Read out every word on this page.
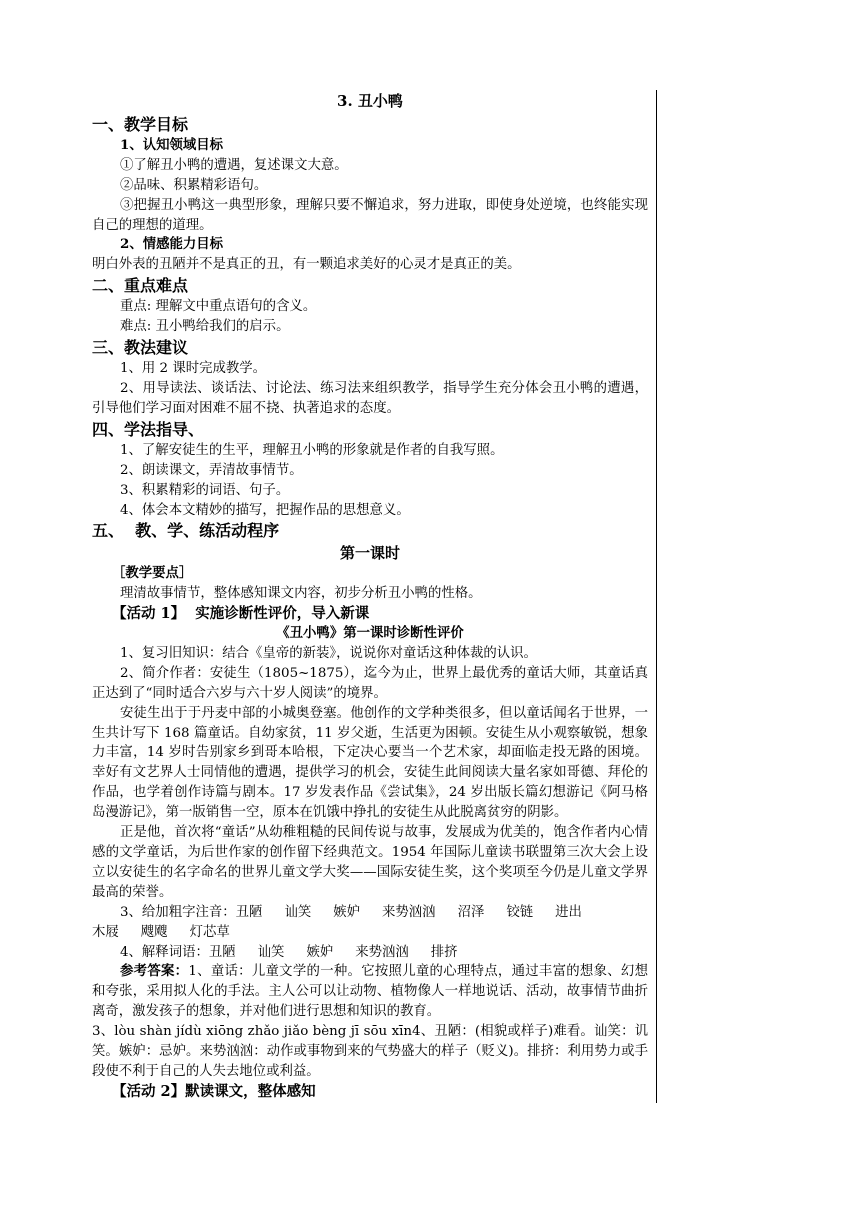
3. 丑小鸭

一、教学目标

1、认知领域目标

①了解丑小鸭的遭遇，复述课文大意。

②品味、积累精彩语句。

③把握丑小鸭这一典型形象，理解只要不懈追求，努力进取，即使身处逆境，也终能实现自己的理想的道理。

2、情感能力目标

明白外表的丑陋并不是真正的丑，有一颗追求美好的心灵才是真正的美。

二、重点难点

重点: 理解文中重点语句的含义。

难点: 丑小鸭给我们的启示。

三、教法建议

1、用 2 课时完成教学。

2、用导读法、谈话法、讨论法、练习法来组织教学，指导学生充分体会丑小鸭的遭遇，引导他们学习面对困难不屈不挠、执著追求的态度。

四、学法指导、

1、了解安徒生的生平，理解丑小鸭的形象就是作者的自我写照。

2、朗读课文，弄清故事情节。

3、积累精彩的词语、句子。

4、体会本文精妙的描写，把握作品的思想意义。

五、  教、学、练活动程序

第一课时

［教学要点］

理清故事情节，整体感知课文内容，初步分析丑小鸭的性格。

【活动 1】  实施诊断性评价，导入新课

《丑小鸭》第一课时诊断性评价

1、复习旧知识：结合《皇帝的新装》，说说你对童话这种体裁的认识。

2、简介作者：安徒生（1805~1875），迄今为止，世界上最优秀的童话大师，其童话真正达到了“同时适合六岁与六十岁人阅读”的境界。

安徒生出于于丹麦中部的小城奥登塞。他创作的文学种类很多，但以童话闻名于世界，一生共计写下 168 篇童话。自幼家贫，11 岁父逝，生活更为困顿。安徒生从小观察敏锐，想象力丰富，14 岁时告别家乡到哥本哈根，下定决心要当一个艺术家，却面临走投无路的困境。幸好有文艺界人士同情他的遭遇，提供学习的机会，安徒生此间阅读大量名家如哥德、拜伦的作品，也学着创作诗篇与剧本。17 岁发表作品《尝试集》，24 岁出版长篇幻想游记《阿马格岛漫游记》，第一版销售一空，原本在饥饿中挣扎的安徒生从此脱离贫穷的阴影。

正是他，首次将“童话”从幼稚粗糙的民间传说与故事，发展成为优美的，饱含作者内心情感的文学童话，为后世作家的创作留下经典范文。1954 年国际儿童读书联盟第三次大会上设立以安徒生的名字命名的世界儿童文学大奖——国际安徒生奖，这个奖项至今仍是儿童文学界最高的荣誉。

3、给加粗字注音：丑陋 讪笑 嫉妒 来势汹汹 沼泽 铰链 进出

木屐 飕飕 灯芯草

4、解释词语：丑陋 讪笑 嫉妒 来势汹汹 排挤

参考答案：1、童话：儿童文学的一种。它按照儿童的心理特点，通过丰富的想象、幻想和夸张，采用拟人化的手法。主人公可以让动物、植物像人一样地说话、活动，故事情节曲折离奇，激发孩子的想象，并对他们进行思想和知识的教育。

3、lòu shàn jídù xiōng zhǎo jiǎo bèng jī sōu xīn4、丑陋：(相貌或样子)难看。讪笑：讥笑。嫉妒：忌妒。来势汹汹：动作或事物到来的气势盛大的样子（贬义)。排挤：利用势力或手段使不利于自己的人失去地位或利益。

【活动 2】默读课文，整体感知
